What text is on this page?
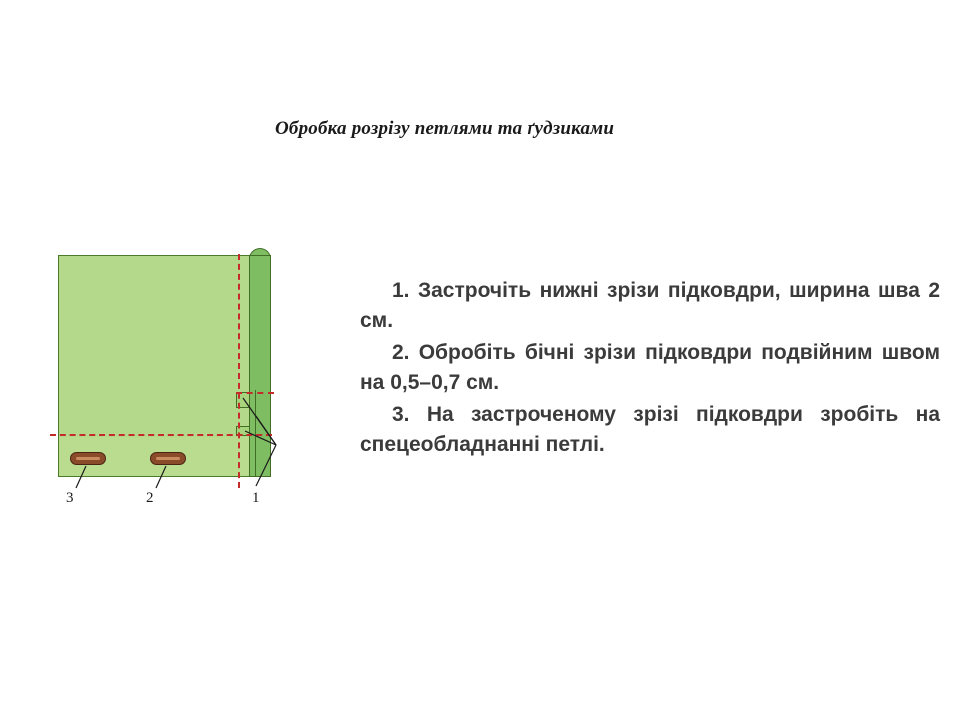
Обробка розрізу петлями та ґудзиками
3	2	1

1. Застрочіть нижні зрізи підковдри, ширина шва 2 см.

2. Обробіть бічні зрізи підковдри подвійним швом на 0,5–0,7 см.

3. На застроченому зрізі підковдри зробіть на спецеобладнанні петлі.
